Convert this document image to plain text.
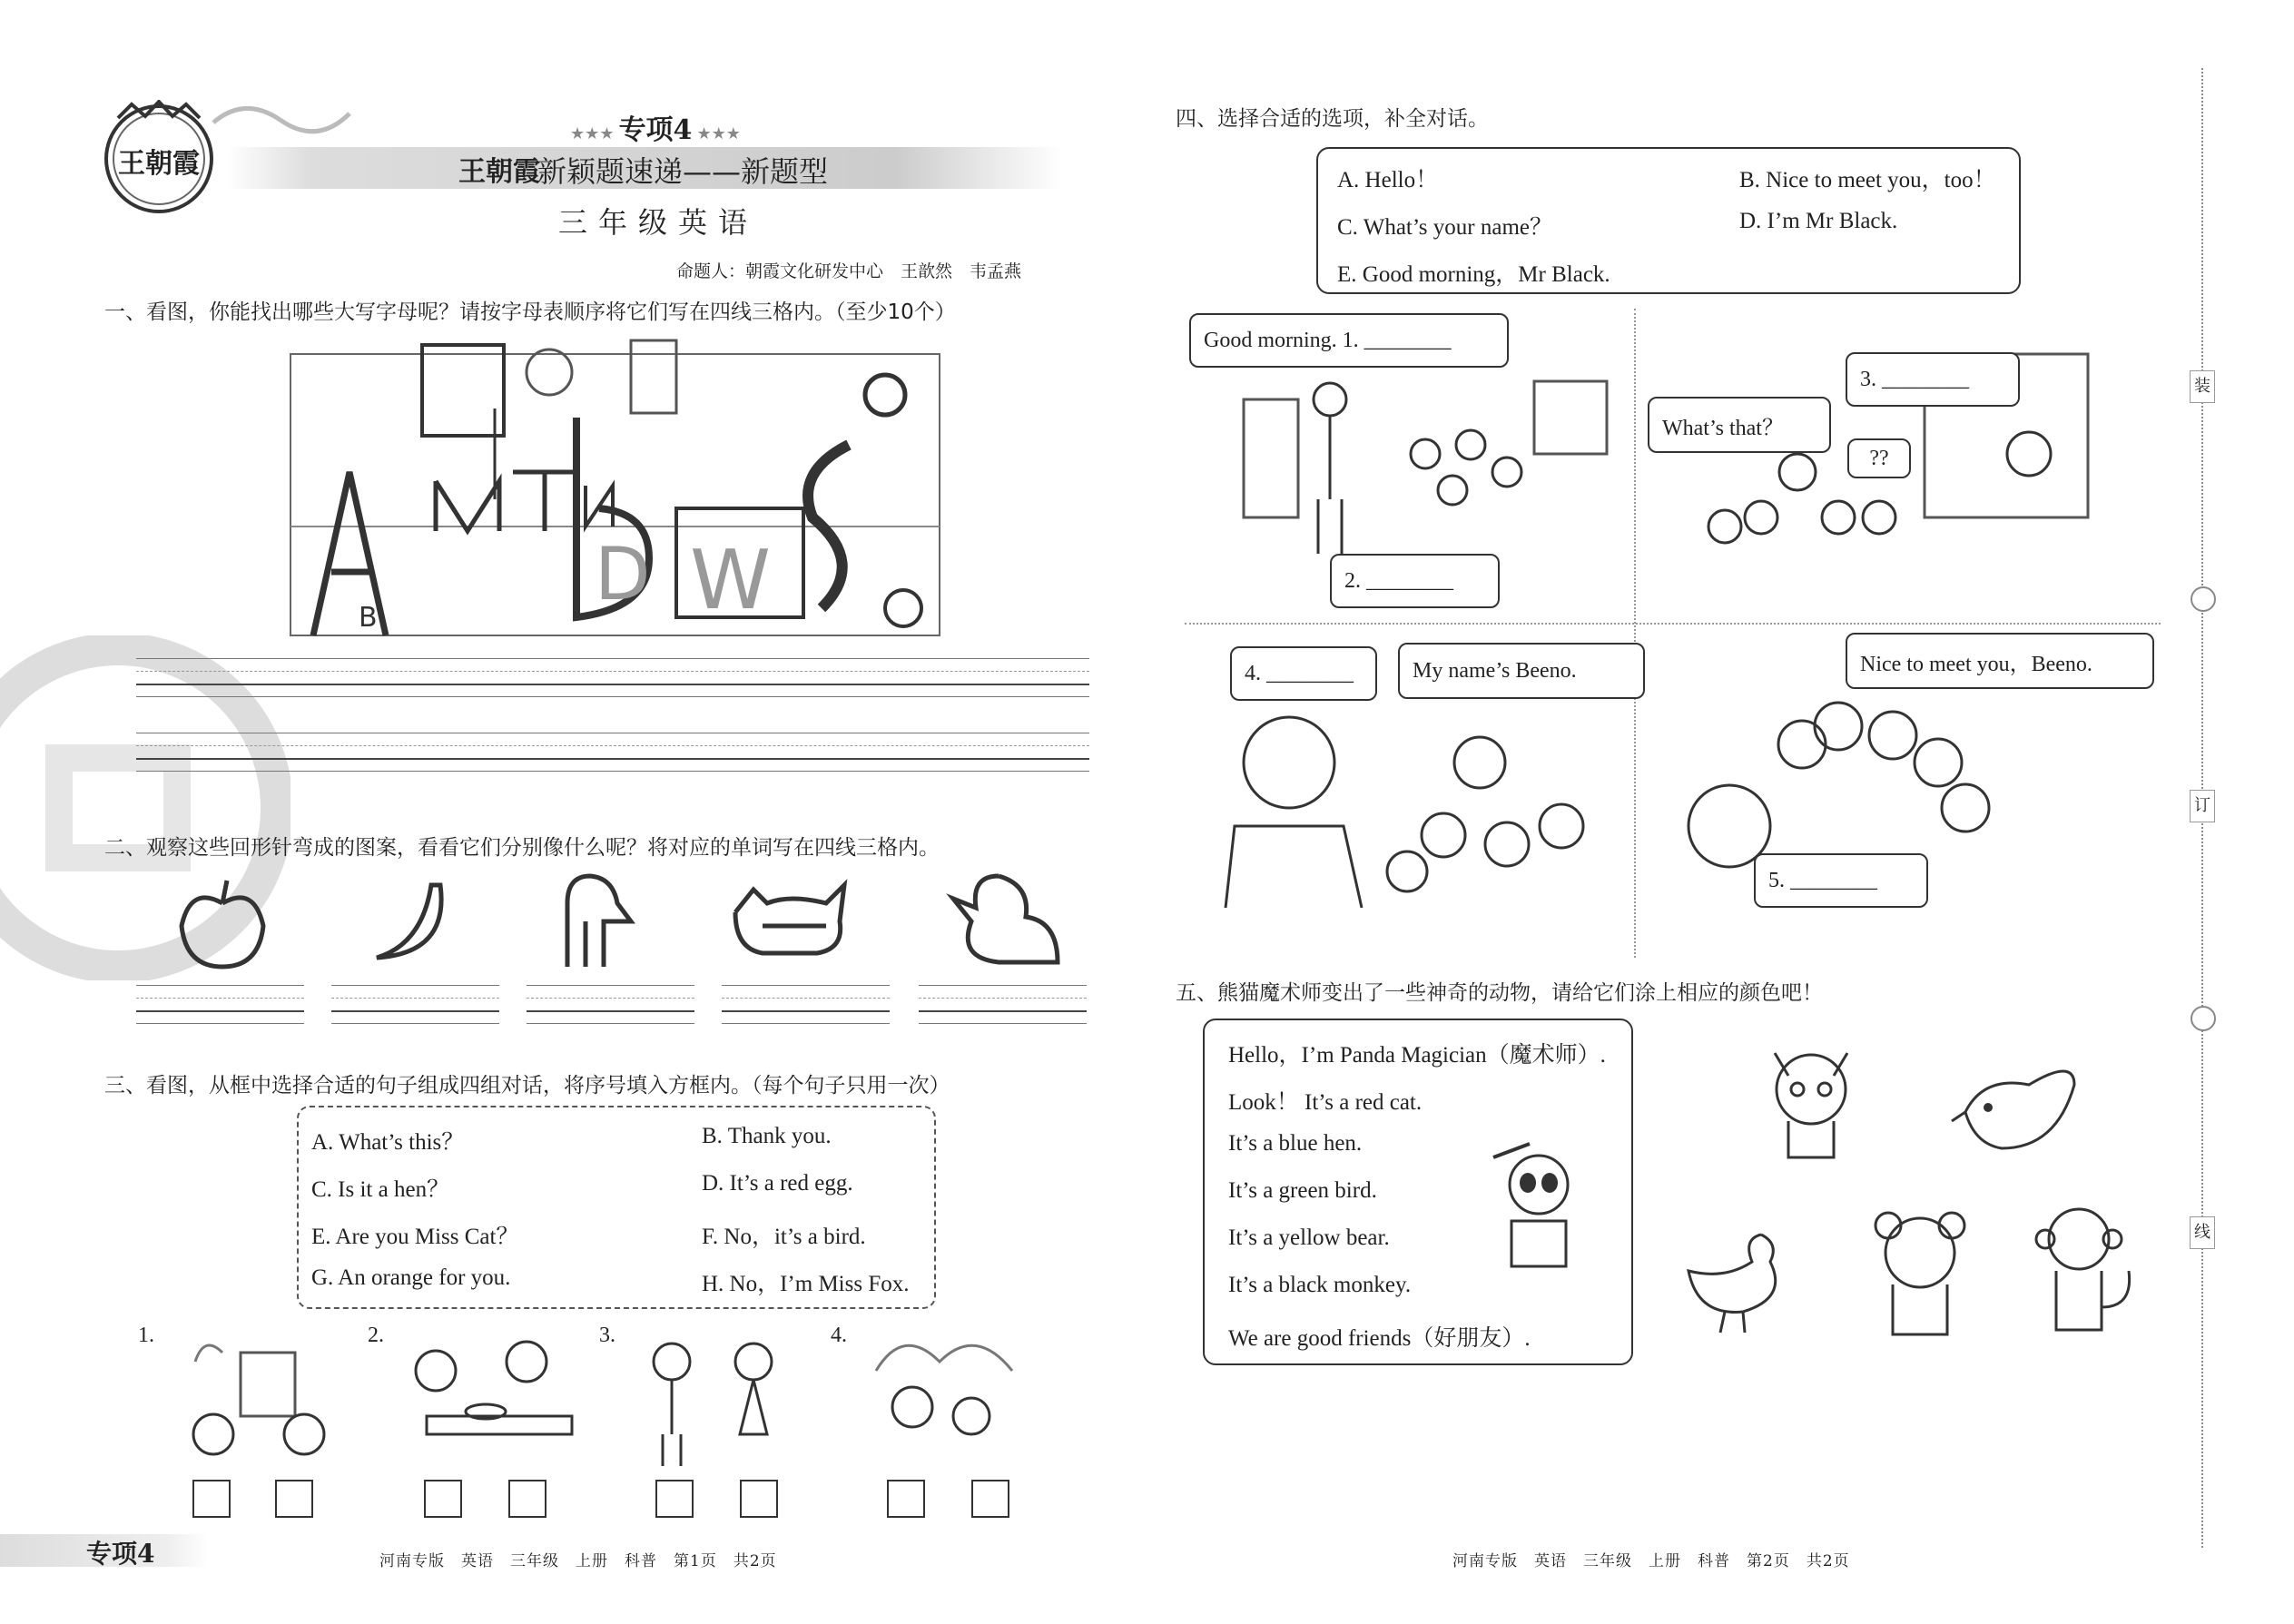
王朝霞
★★★ 专项4 ★★★
王朝霞
新颖题速递——新题型
三年级英语
命题人：朝霞文化研发中心　王歆然　韦孟燕
一、看图，你能找出哪些大写字母呢？请按字母表顺序将它们写在四线三格内。（至少10个）
D W
B
二、观察这些回形针弯成的图案，看看它们分别像什么呢？将对应的单词写在四线三格内。
三、看图，从框中选择合适的句子组成四组对话，将序号填入方框内。（每个句子只用一次）
A. What’s this？	B. Thank you.
C. Is it a hen？	D. It’s a red egg.
E. Are you Miss Cat？	F. No，it’s a bird.
G. An orange for you.	H. No，I’m Miss Fox.
1.	2.	3.	4.
专项4	河南专版　英语　三年级　上册　科普　第1页　共2页
四、选择合适的选项，补全对话。
A. Hello！	B. Nice to meet you，too！
C. What’s your name？	D. I’m Mr Black.
E. Good morning，Mr Black.
Good morning. 1. ________
2. ________
3. ________
What’s that？
??
4. ________	My name’s Beeno.	Nice to meet you，Beeno.
5. ________
五、熊猫魔术师变出了一些神奇的动物，请给它们涂上相应的颜色吧！
Hello，I’m Panda Magician（魔术师）.
Look！ It’s a red cat.
It’s a blue hen.
It’s a green bird.
It’s a yellow bear.
It’s a black monkey.
We are good friends（好朋友）.
河南专版　英语　三年级　上册　科普　第2页　共2页
装
订
线
